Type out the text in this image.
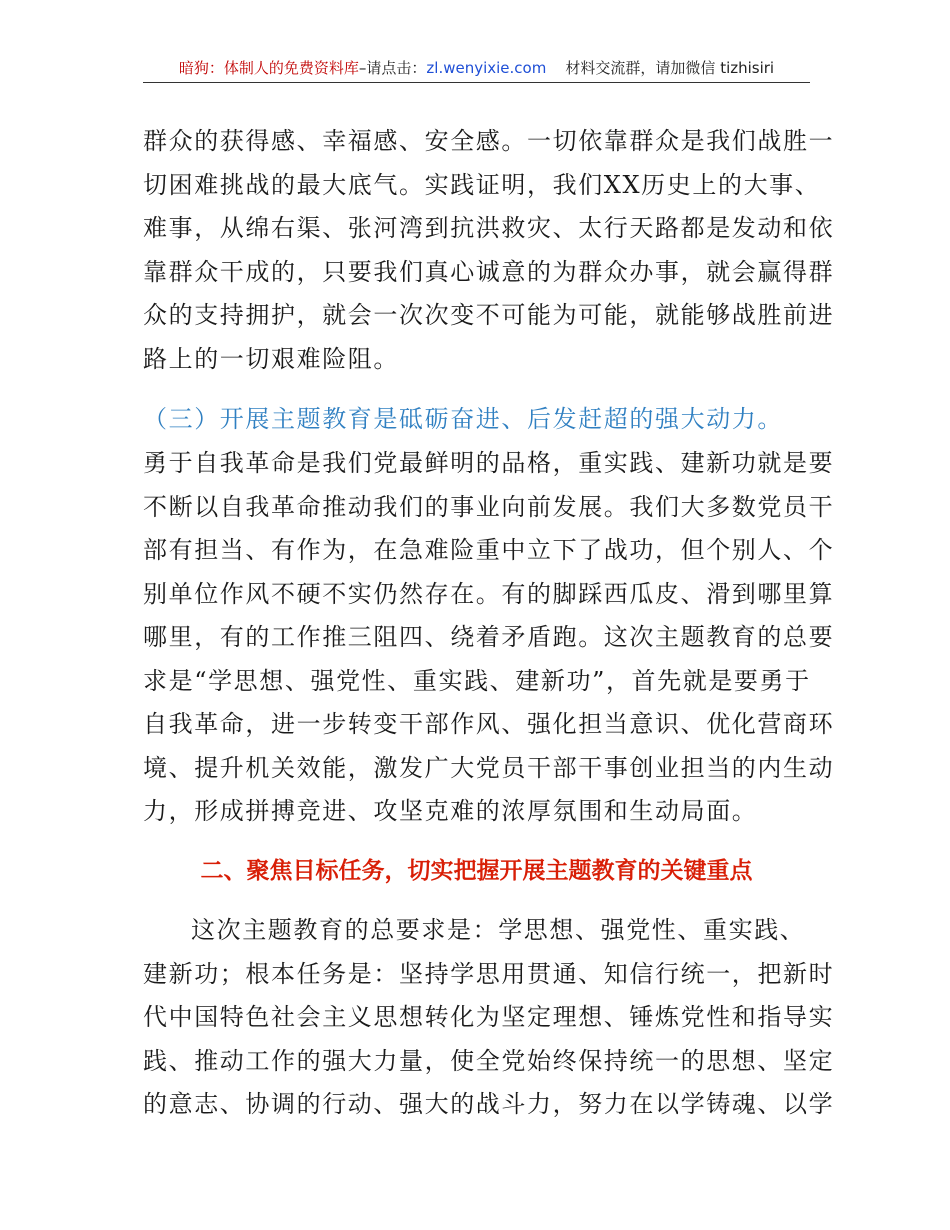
暗狗：体制人的免费资料库–请点击：zl.wenyixie.com 材料交流群，请加微信 tizhisiri
群众的获得感、幸福感、安全感。一切依靠群众是我们战胜一
切困难挑战的最大底气。实践证明，我们XX历史上的大事、
难事，从绵右渠、张河湾到抗洪救灾、太行天路都是发动和依
靠群众干成的，只要我们真心诚意的为群众办事，就会赢得群
众的支持拥护，就会一次次变不可能为可能，就能够战胜前进
路上的一切艰难险阻。
（三）开展主题教育是砥砺奋进、后发赶超的强大动力。
勇于自我革命是我们党最鲜明的品格，重实践、建新功就是要
不断以自我革命推动我们的事业向前发展。我们大多数党员干
部有担当、有作为，在急难险重中立下了战功，但个别人、个
别单位作风不硬不实仍然存在。有的脚踩西瓜皮、滑到哪里算
哪里，有的工作推三阻四、绕着矛盾跑。这次主题教育的总要
求是“学思想、强党性、重实践、建新功”，首先就是要勇于
自我革命，进一步转变干部作风、强化担当意识、优化营商环
境、提升机关效能，激发广大党员干部干事创业担当的内生动
力，形成拼搏竞进、攻坚克难的浓厚氛围和生动局面。
二、聚焦目标任务，切实把握开展主题教育的关键重点
这次主题教育的总要求是：学思想、强党性、重实践、
建新功；根本任务是：坚持学思用贯通、知信行统一，把新时
代中国特色社会主义思想转化为坚定理想、锤炼党性和指导实
践、推动工作的强大力量，使全党始终保持统一的思想、坚定
的意志、协调的行动、强大的战斗力，努力在以学铸魂、以学
